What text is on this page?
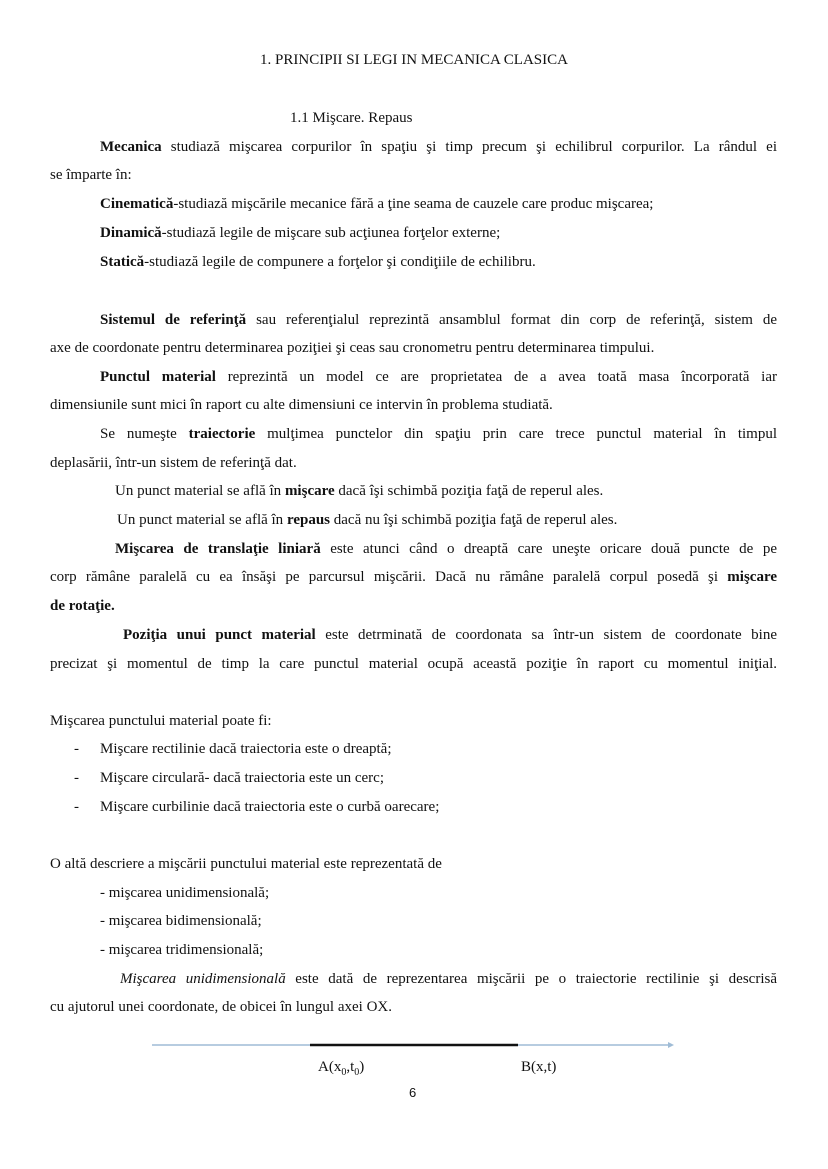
1. PRINCIPII SI LEGI IN MECANICA CLASICA
1.1 Mişcare. Repaus
Mecanica studiază mişcarea corpurilor în spaţiu şi timp precum şi echilibrul corpurilor. La rândul ei
se împarte în:
Cinematică-studiază mişcările mecanice fără a ţine seama de cauzele care produc mişcarea;
Dinamică-studiază legile de mişcare sub acţiunea forţelor externe;
Statică-studiază legile de compunere a forţelor şi condiţiile de echilibru.
Sistemul de referinţă sau referenţialul reprezintă ansamblul format din corp de referinţă, sistem de
axe de coordonate pentru determinarea poziţiei şi ceas sau cronometru pentru determinarea timpului.
Punctul material reprezintă un model ce are proprietatea de a avea toată masa încorporată iar
dimensiunile sunt mici în raport cu alte dimensiuni ce intervin în problema studiată.
Se numeşte traiectorie mulţimea punctelor din spaţiu prin care trece punctul material în timpul
deplasării, într-un sistem de referinţă dat.
Un punct material se află în mişcare dacă îşi schimbă poziţia faţă de reperul ales.
Un punct material se află în repaus dacă nu îşi schimbă poziţia faţă de reperul ales.
Mişcarea de translaţie liniară este atunci când o dreaptă care uneşte oricare două puncte de pe
corp rămâne paralelă cu ea însăşi pe parcursul mişcării. Dacă nu rămâne paralelă corpul posedă şi mişcare
de rotaţie.
Poziţia unui punct material este detrminată de coordonata sa într-un sistem de coordonate bine
precizat şi momentul de timp la care punctul material ocupă această poziţie în raport cu momentul iniţial.
Mişcarea punctului material poate fi:
Mişcare rectilinie dacă traiectoria este o dreaptă;
Mişcare circulară- dacă traiectoria este un cerc;
Mişcare curbilinie dacă traiectoria este o curbă oarecare;
O altă descriere a mişcării punctului material este reprezentată de
- mişcarea unidimensională;
- mişcarea bidimensională;
- mişcarea tridimensională;
Mişcarea unidimensională este dată de reprezentarea mişcării pe o traiectorie rectilinie şi descrisă
cu ajutorul unei coordonate, de obicei în lungul axei OX.
-
-
-
$A(x_0,t_0)$	B(x,t)
6
